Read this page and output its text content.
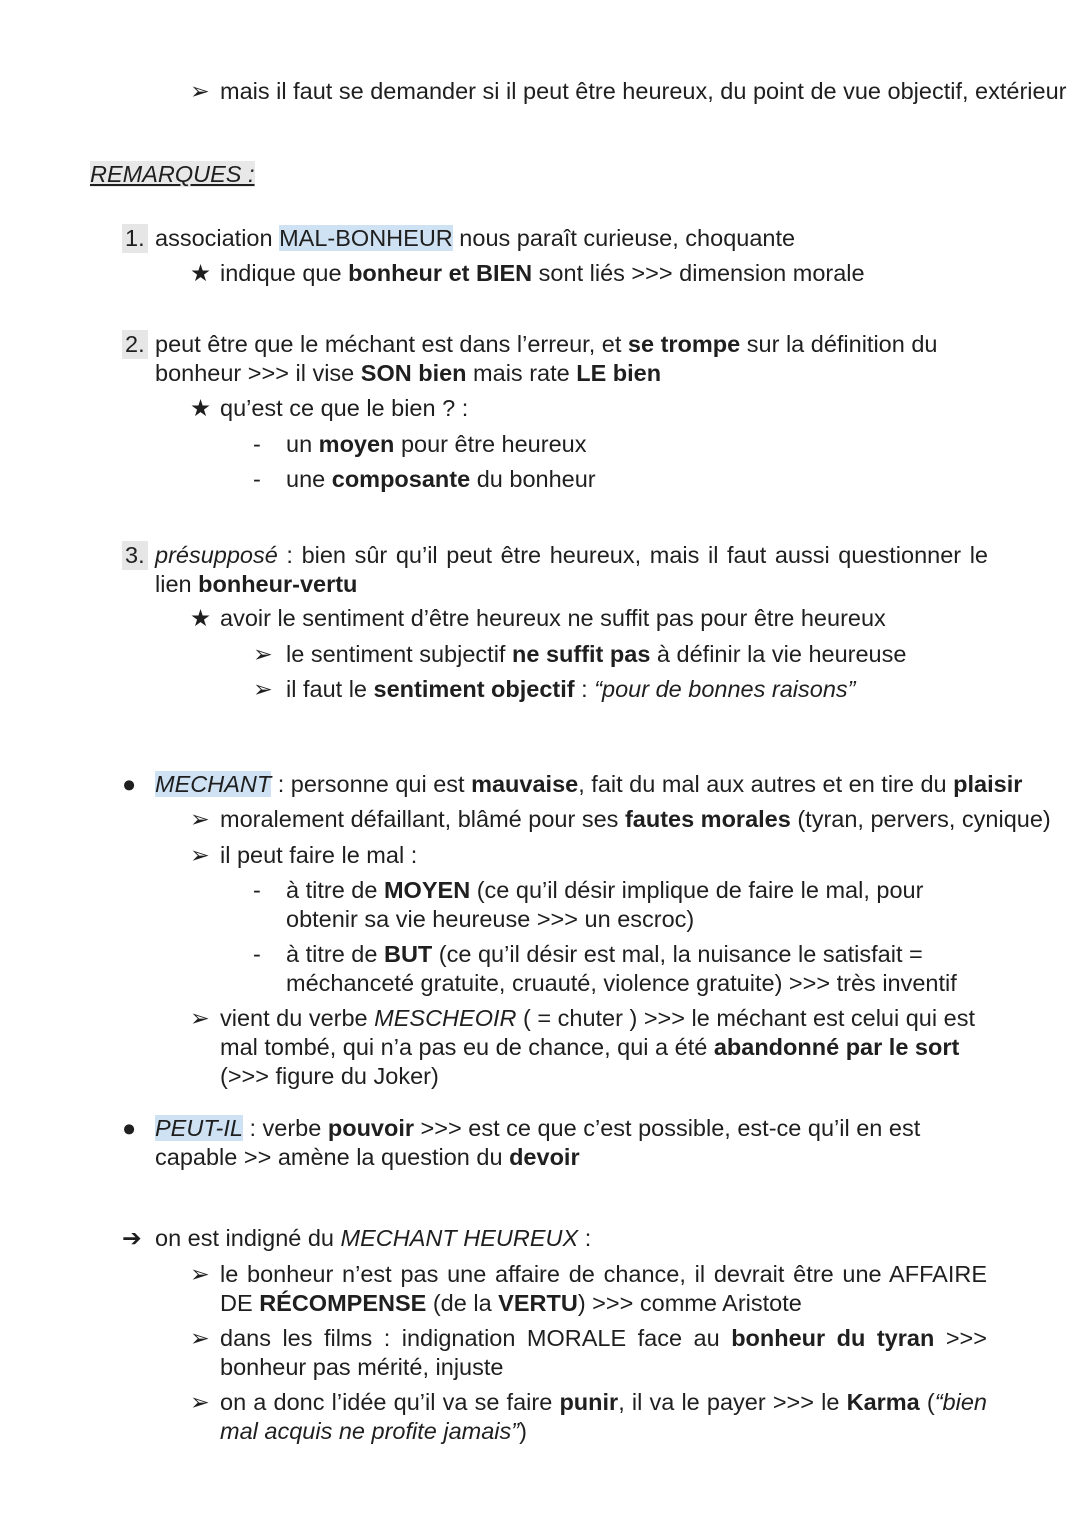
➢ mais il faut se demander si il peut être heureux, du point de vue objectif, extérieur
REMARQUES :
1. association MAL-BONHEUR nous paraît curieuse, choquante
★ indique que bonheur et BIEN sont liés >>> dimension morale
2. peut être que le méchant est dans l’erreur, et se trompe sur la définition du bonheur >>> il vise SON bien mais rate LE bien
★ qu’est ce que le bien ? :
- un moyen pour être heureux
- une composante du bonheur
3. présupposé : bien sûr qu’il peut être heureux, mais il faut aussi questionner le lien bonheur-vertu
★ avoir le sentiment d’être heureux ne suffit pas pour être heureux
➢ le sentiment subjectif ne suffit pas à définir la vie heureuse
➢ il faut le sentiment objectif : “pour de bonnes raisons”
● MECHANT : personne qui est mauvaise, fait du mal aux autres et en tire du plaisir
➢ moralement défaillant, blâmé pour ses fautes morales (tyran, pervers, cynique)
➢ il peut faire le mal :
- à titre de MOYEN (ce qu’il désir implique de faire le mal, pour obtenir sa vie heureuse >>> un escroc)
- à titre de BUT (ce qu’il désir est mal, la nuisance le satisfait = méchanceté gratuite, cruauté, violence gratuite) >>> très inventif
➢ vient du verbe MESCHEOIR ( = chuter ) >>> le méchant est celui qui est mal tombé, qui n’a pas eu de chance, qui a été abandonné par le sort (>>> figure du Joker)
● PEUT-IL : verbe pouvoir >>> est ce que c’est possible, est-ce qu’il en est capable >> amène la question du devoir
➔ on est indigné du MECHANT HEUREUX :
➢ le bonheur n’est pas une affaire de chance, il devrait être une AFFAIRE DE RÉCOMPENSE (de la VERTU) >>> comme Aristote
➢ dans les films : indignation MORALE face au bonheur du tyran >>> bonheur pas mérité, injuste
➢ on a donc l’idée qu’il va se faire punir, il va le payer >>> le Karma (“bien mal acquis ne profite jamais”)
